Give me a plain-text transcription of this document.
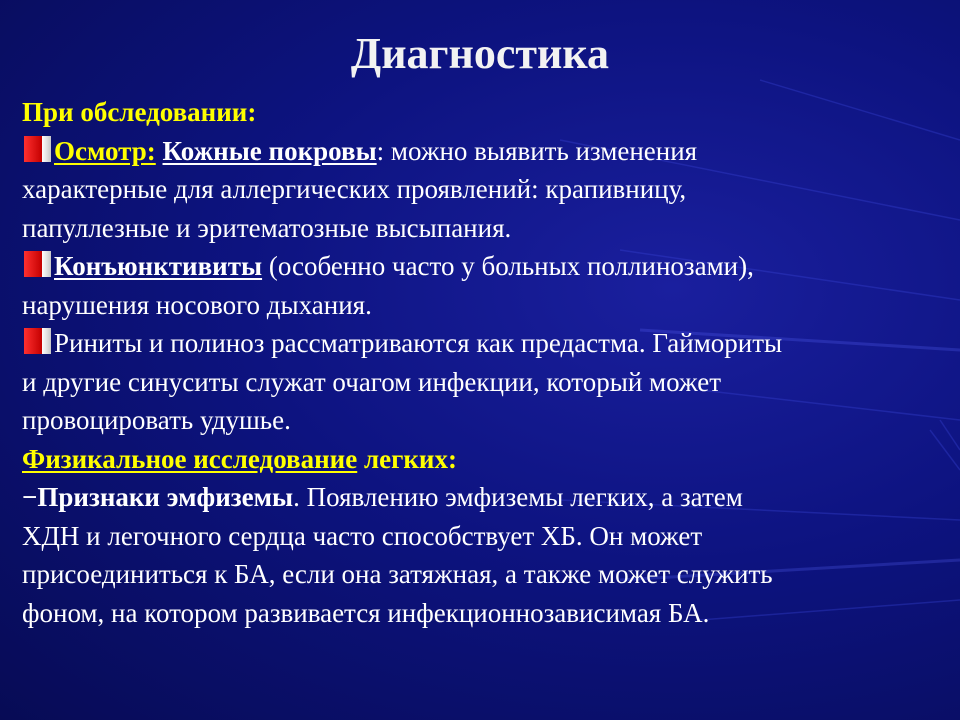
Диагностика
При обследовании:
Осмотр: Кожные покровы: можно выявить изменения
характерные для аллергических проявлений: крапивницу,
папуллезные и эритематозные высыпания.
Конъюнктивиты (особенно часто у больных поллинозами),
нарушения носового дыхания.
Риниты и полиноз рассматриваются как предастма. Гаймориты
и другие синуситы служат очагом инфекции, который может
провоцировать удушье.
Физикальное исследование легких:
−Признаки эмфиземы. Появлению эмфиземы легких, а затем
ХДН и легочного сердца часто способствует ХБ. Он может
присоединиться к БА, если она затяжная, а также может служить
фоном, на котором развивается инфекционнозависимая БА.
